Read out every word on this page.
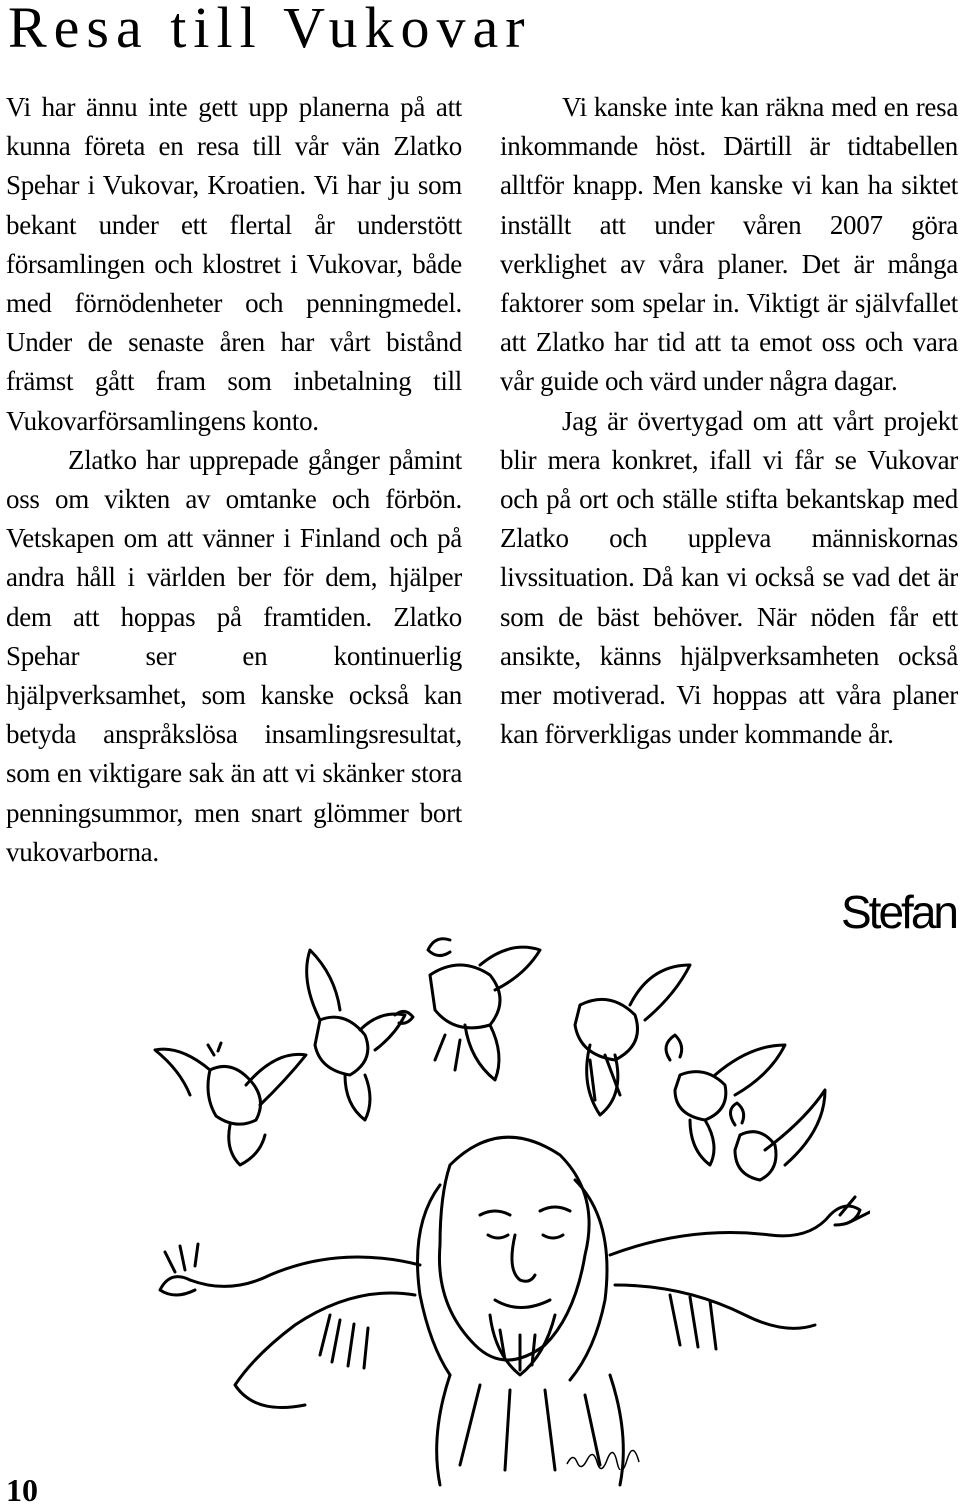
Resa till Vukovar

Vi har ännu inte gett upp planerna på att kunna företa en resa till vår vän Zlatko Spehar i Vukovar, Kroatien. Vi har ju som bekant under ett flertal år understött församlingen och klostret i Vukovar, både med förnödenheter och penningmedel. Under de senaste åren har vårt bistånd främst gått fram som inbetalning till Vukovarförsamlingens konto.

Zlatko har upprepade gånger påmint oss om vikten av omtanke och förbön. Vetskapen om att vänner i Finland och på andra håll i världen ber för dem, hjälper dem att hoppas på framtiden. Zlatko Spehar ser en kontinuerlig hjälpverksamhet, som kanske också kan betyda anspråkslösa insamlingsresultat, som en viktigare sak än att vi skänker stora penningsummor, men snart glömmer bort vukovarborna.

Vi kanske inte kan räkna med en resa inkommande höst. Därtill är tidtabellen alltför knapp. Men kanske vi kan ha siktet inställt att under våren 2007 göra verklighet av våra planer. Det är många faktorer som spelar in. Viktigt är självfallet att Zlatko har tid att ta emot oss och vara vår guide och värd under några dagar.

Jag är övertygad om att vårt projekt blir mera konkret, ifall vi får se Vukovar och på ort och ställe stifta bekantskap med Zlatko och uppleva människornas livssituation. Då kan vi också se vad det är som de bäst behöver. När nöden får ett ansikte, känns hjälpverksamheten också mer motiverad. Vi hoppas att våra planer kan förverkligas under kommande år.

Stefan

10
